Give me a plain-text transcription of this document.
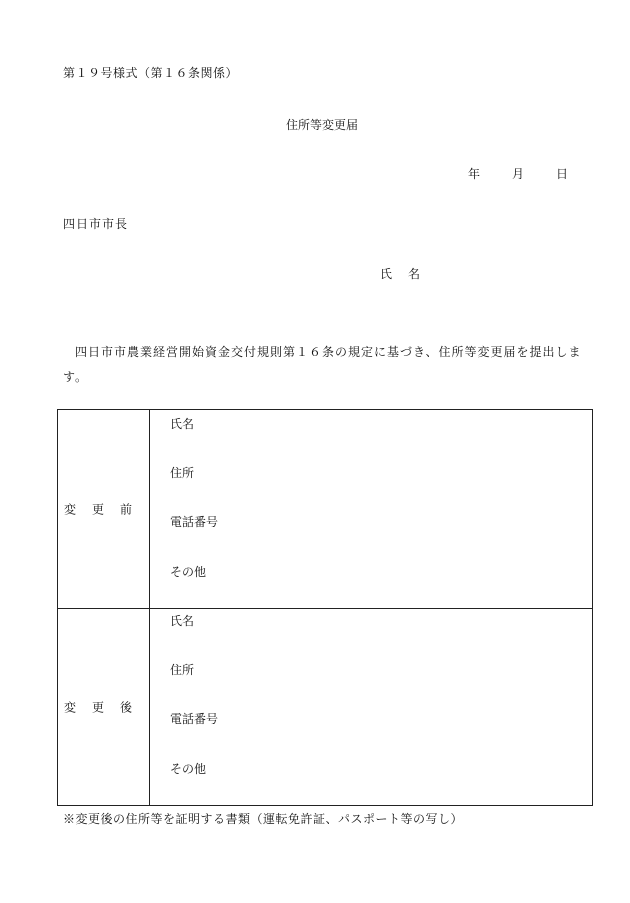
第１９号様式（第１６条関係）
住所等変更届
年	月	日
四日市市長
氏 名
四日市市農業経営開始資金交付規則第１６条の規定に基づき、住所等変更届を提出します。
変 更 前
氏名
住所
電話番号
その他
変 更 後
氏名
住所
電話番号
その他
※変更後の住所等を証明する書類（運転免許証、パスポート等の写し）
